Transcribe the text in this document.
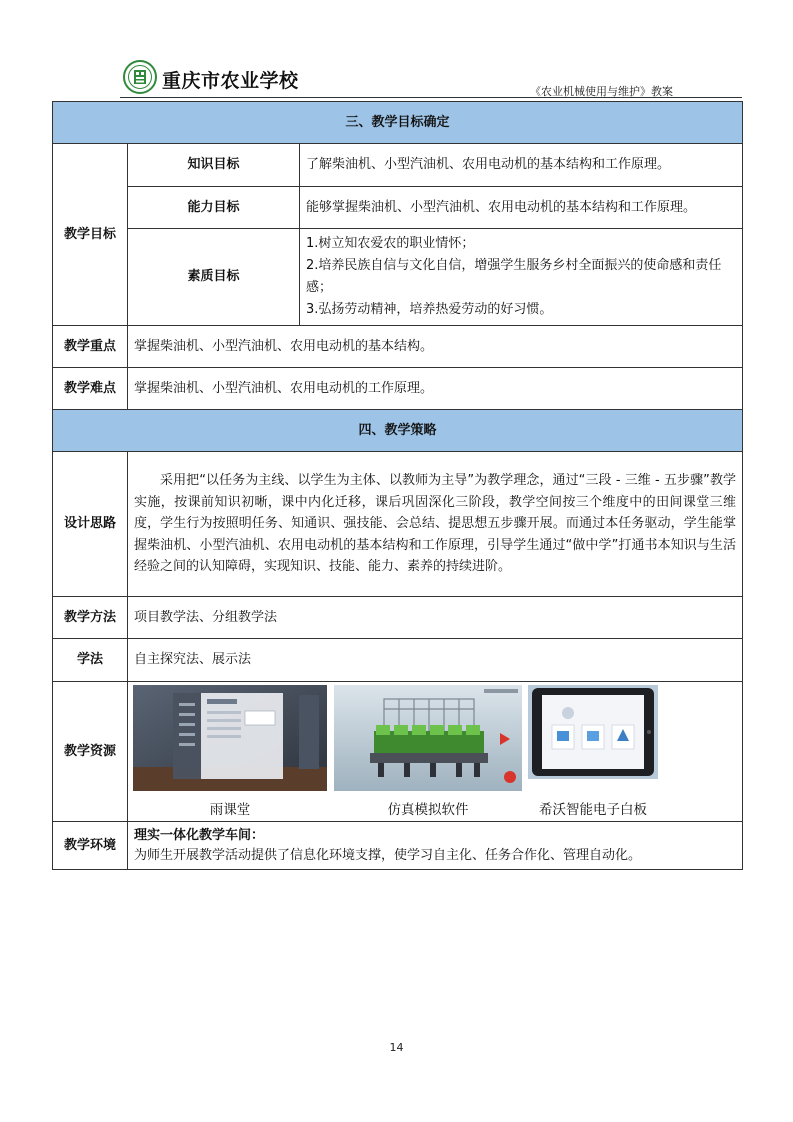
重庆市农业学校	《农业机械使用与维护》教案
三、教学目标确定		
教学目标	知识目标	了解柴油机、小型汽油机、农用电动机的基本结构和工作原理。
	能力目标	能够掌握柴油机、小型汽油机、农用电动机的基本结构和工作原理。
	素质目标	1.树立知农爱农的职业情怀；
2.培养民族自信与文化自信，增强学生服务乡村全面振兴的使命感和责任感；
3.弘扬劳动精神，培养热爱劳动的好习惯。

教学重点	掌握柴油机、小型汽油机、农用电动机的基本结构。	
教学难点	掌握柴油机、小型汽油机、农用电动机的工作原理。	
四、教学策略		
设计思路	采用把“以任务为主线、以学生为主体、以教师为主导”为教学理念，通过“三段 - 三维 - 五步骤”教学实施，按课前知识初晰，课中内化迁移，课后巩固深化三阶段，教学空间按三个维度中的田间课堂三维度，学生行为按照明任务、知通识、强技能、会总结、提思想五步骤开展。而通过本任务驱动，学生能掌握柴油机、小型汽油机、农用电动机的基本结构和工作原理，引导学生通过“做中学”打通书本知识与生活经验之间的认知障碍，实现知识、技能、能力、素养的持续进阶。	

教学方法	项目教学法、分组教学法	
学法	自主探究法、展示法	
教学资源	雨课堂 仿真模拟软件 希沃智能电子白板	

教学环境	理实一体化教学车间：
为师生开展教学活动提供了信息化环境支撑，使学习自主化、任务合作化、管理自动化。	
14
